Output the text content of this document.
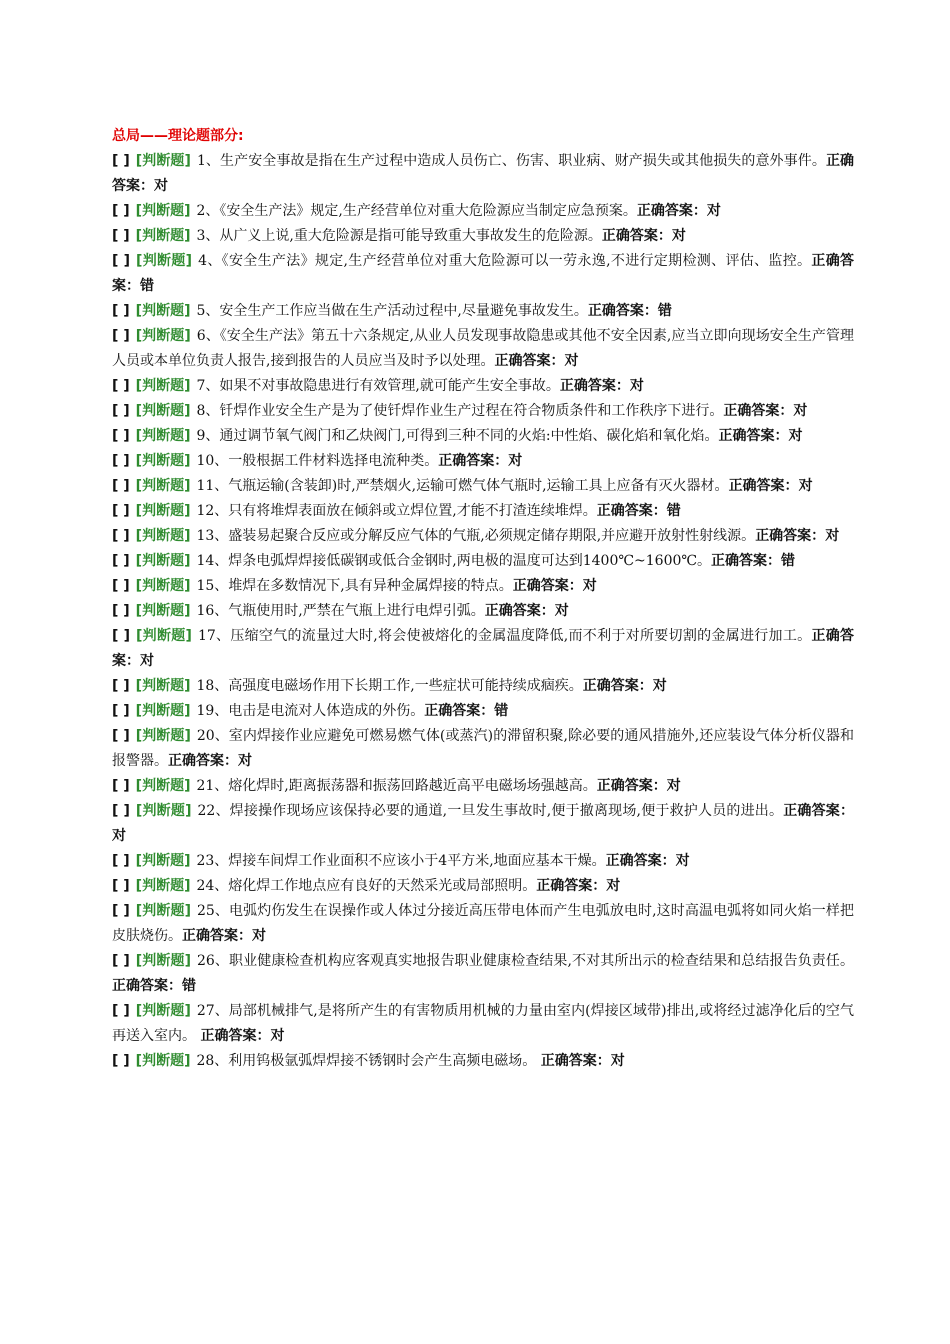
总局——理论题部分:
[ ] [判断题] 1、生产安全事故是指在生产过程中造成人员伤亡、伤害、职业病、财产损失或其他损失的意外事件。正确答案：对
[ ] [判断题] 2、《安全生产法》规定,生产经营单位对重大危险源应当制定应急预案。正确答案：对
[ ] [判断题] 3、从广义上说,重大危险源是指可能导致重大事故发生的危险源。正确答案：对
[ ] [判断题] 4、《安全生产法》规定,生产经营单位对重大危险源可以一劳永逸,不进行定期检测、评估、监控。正确答案：错
[ ] [判断题] 5、安全生产工作应当做在生产活动过程中,尽量避免事故发生。正确答案：错
[ ] [判断题] 6、《安全生产法》第五十六条规定,从业人员发现事故隐患或其他不安全因素,应当立即向现场安全生产管理人员或本单位负责人报告,接到报告的人员应当及时予以处理。正确答案：对
[ ] [判断题] 7、如果不对事故隐患进行有效管理,就可能产生安全事故。正确答案：对
[ ] [判断题] 8、钎焊作业安全生产是为了使钎焊作业生产过程在符合物质条件和工作秩序下进行。正确答案：对
[ ] [判断题] 9、通过调节氧气阀门和乙炔阀门,可得到三种不同的火焰:中性焰、碳化焰和氧化焰。正确答案：对
[ ] [判断题] 10、一般根据工件材料选择电流种类。正确答案：对
[ ] [判断题] 11、气瓶运输(含装卸)时,严禁烟火,运输可燃气体气瓶时,运输工具上应备有灭火器材。正确答案：对
[ ] [判断题] 12、只有将堆焊表面放在倾斜或立焊位置,才能不打渣连续堆焊。正确答案：错
[ ] [判断题] 13、盛装易起聚合反应或分解反应气体的气瓶,必须规定储存期限,并应避开放射性射线源。正确答案：对
[ ] [判断题] 14、焊条电弧焊焊接低碳钢或低合金钢时,两电极的温度可达到1400℃~1600℃。正确答案：错
[ ] [判断题] 15、堆焊在多数情况下,具有异种金属焊接的特点。正确答案：对
[ ] [判断题] 16、气瓶使用时,严禁在气瓶上进行电焊引弧。正确答案：对
[ ] [判断题] 17、压缩空气的流量过大时,将会使被熔化的金属温度降低,而不利于对所要切割的金属进行加工。正确答案：对
[ ] [判断题] 18、高强度电磁场作用下长期工作,一些症状可能持续成痼疾。正确答案：对
[ ] [判断题] 19、电击是电流对人体造成的外伤。正确答案：错
[ ] [判断题] 20、室内焊接作业应避免可燃易燃气体(或蒸汽)的滞留积聚,除必要的通风措施外,还应装设气体分析仪器和报警器。正确答案：对
[ ] [判断题] 21、熔化焊时,距离振荡器和振荡回路越近高平电磁场场强越高。正确答案：对
[ ] [判断题] 22、焊接操作现场应该保持必要的通道,一旦发生事故时,便于撤离现场,便于救护人员的进出。正确答案：对
[ ] [判断题] 23、焊接车间焊工作业面积不应该小于4平方米,地面应基本干燥。正确答案：对
[ ] [判断题] 24、熔化焊工作地点应有良好的天然采光或局部照明。正确答案：对
[ ] [判断题] 25、电弧灼伤发生在误操作或人体过分接近高压带电体而产生电弧放电时,这时高温电弧将如同火焰一样把皮肤烧伤。正确答案：对
[ ] [判断题] 26、职业健康检查机构应客观真实地报告职业健康检查结果,不对其所出示的检查结果和总结报告负责任。正确答案：错
[ ] [判断题] 27、局部机械排气,是将所产生的有害物质用机械的力量由室内(焊接区域带)排出,或将经过滤净化后的空气再送入室内。 正确答案：对
[ ] [判断题] 28、利用钨极氩弧焊焊接不锈钢时会产生高频电磁场。 正确答案：对
